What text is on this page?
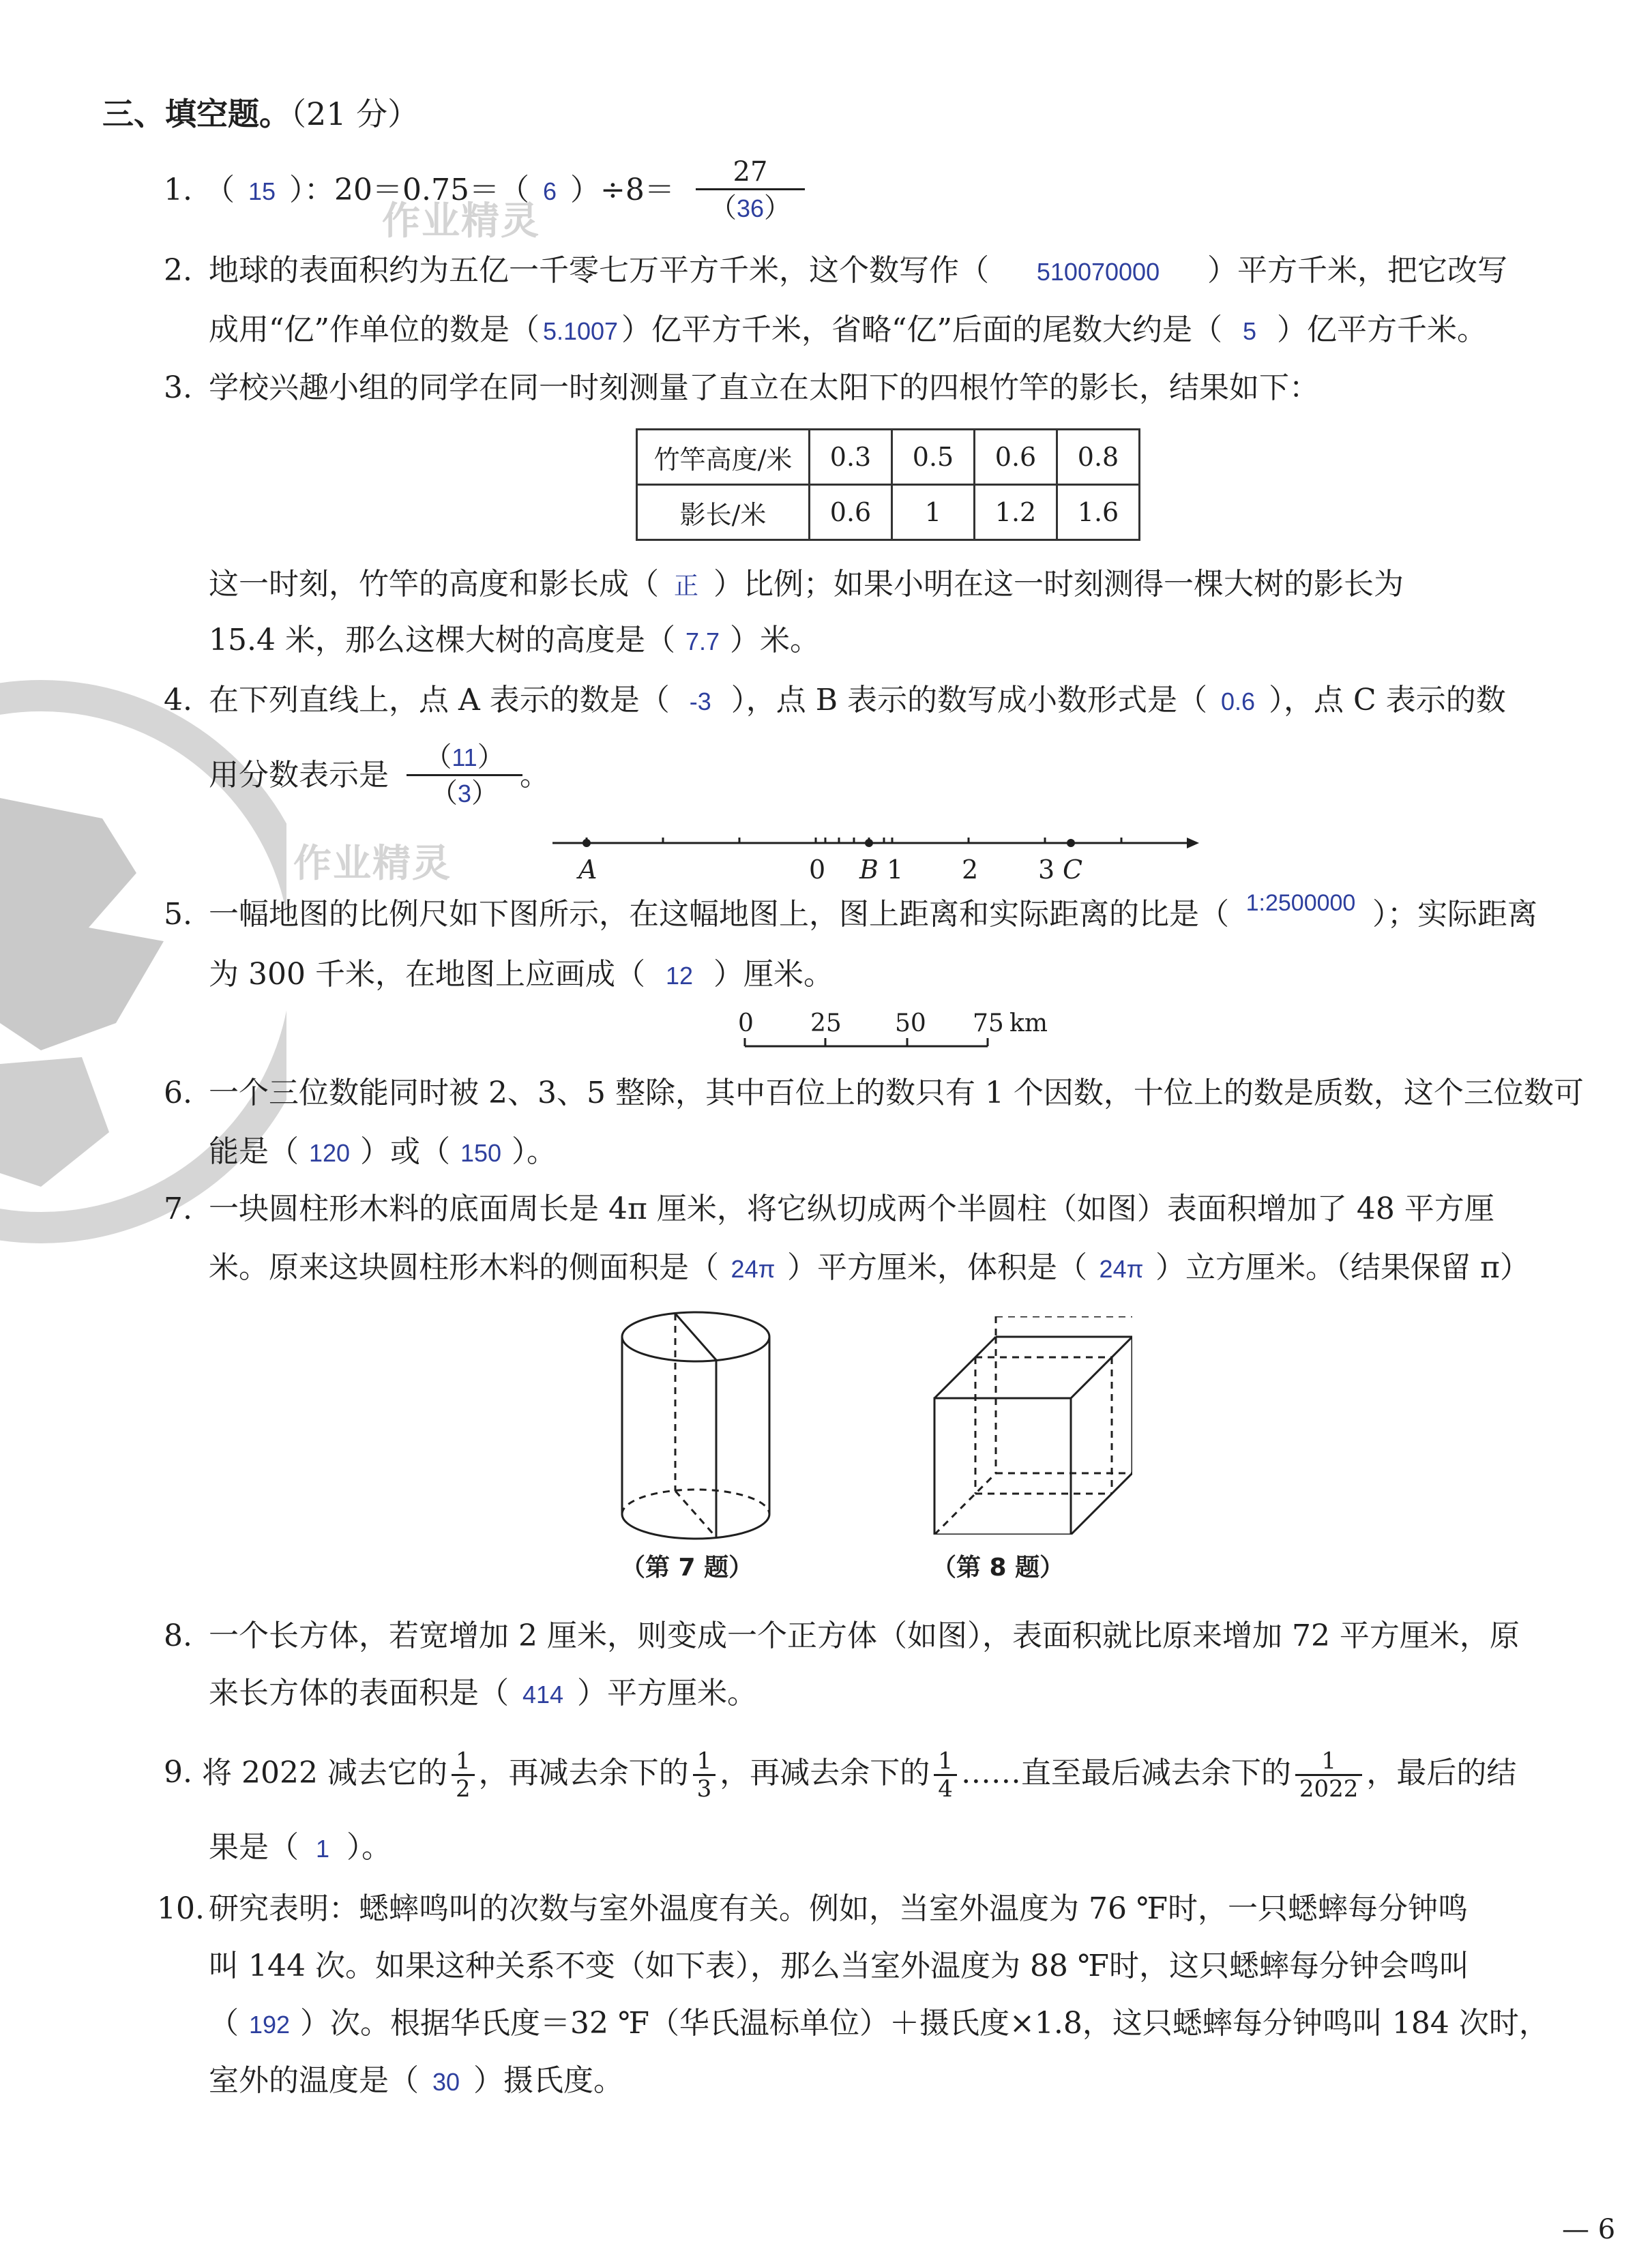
三、填空题。（21 分）
1. （ 15 ）：20＝0.75＝（ 6 ）÷8＝
27
（36）
作业精灵
2. 地球的表面积约为五亿一千零七万平方千米，这个数写作（ 510070000 ）平方千米，把它改写
成用“亿”作单位的数是（ 5.1007 ）亿平方千米，省略“亿”后面的尾数大约是（ 5 ）亿平方千米。
3. 学校兴趣小组的同学在同一时刻测量了直立在太阳下的四根竹竿的影长，结果如下：
竹竿高度/米	0.3	0.5	0.6	0.8
影长/米	0.6	1	1.2	1.6
这一时刻，竹竿的高度和影长成（ 正 ）比例；如果小明在这一时刻测得一棵大树的影长为
15.4 米，那么这棵大树的高度是（ 7.7 ）米。
4. 在下列直线上，点 A 表示的数是（ -3 ），点 B 表示的数写成小数形式是（ 0.6 ），点 C 表示的数
用分数表示是
（11）
（3）
。
A	0 B 1 2 3 C
作业精灵
5. 一幅地图的比例尺如下图所示，在这幅地图上，图上距离和实际距离的比是（ 1:2500000 ）；实际距离
为 300 千米，在地图上应画成（ 12 ）厘米。
0 25 50 75 km
6. 一个三位数能同时被 2、3、5 整除，其中百位上的数只有 1 个因数，十位上的数是质数，这个三位数可
能是（ 120 ）或（ 150 ）。
7. 一块圆柱形木料的底面周长是 4π 厘米，将它纵切成两个半圆柱（如图）表面积增加了 48 平方厘
米。原来这块圆柱形木料的侧面积是（ 24π ）平方厘米，体积是（ 24π ）立方厘米。（结果保留 π）
（第 7 题）	（第 8 题）
8. 一个长方体，若宽增加 2 厘米，则变成一个正方体（如图），表面积就比原来增加 72 平方厘米，原
来长方体的表面积是（ 414 ）平方厘米。
9. 将 2022 减去它的 $\frac{1}{2}$ ，再减去余下的 $\frac{1}{3}$ ，再减去余下的 $\frac{1}{4}$ ……直至最后减去余下的 $\frac{1}{2022}$ ，最后的结
果是（ 1 ）。
10. 研究表明：蟋蟀鸣叫的次数与室外温度有关。例如，当室外温度为 76 ℉时，一只蟋蟀每分钟鸣
叫 144 次。如果这种关系不变（如下表），那么当室外温度为 88 ℉时，这只蟋蟀每分钟会鸣叫
（ 192 ）次。根据华氏度＝32 ℉（华氏温标单位）＋摄氏度×1.8，这只蟋蟀每分钟鸣叫 184 次时，
室外的温度是（ 30 ）摄氏度。
— 6
